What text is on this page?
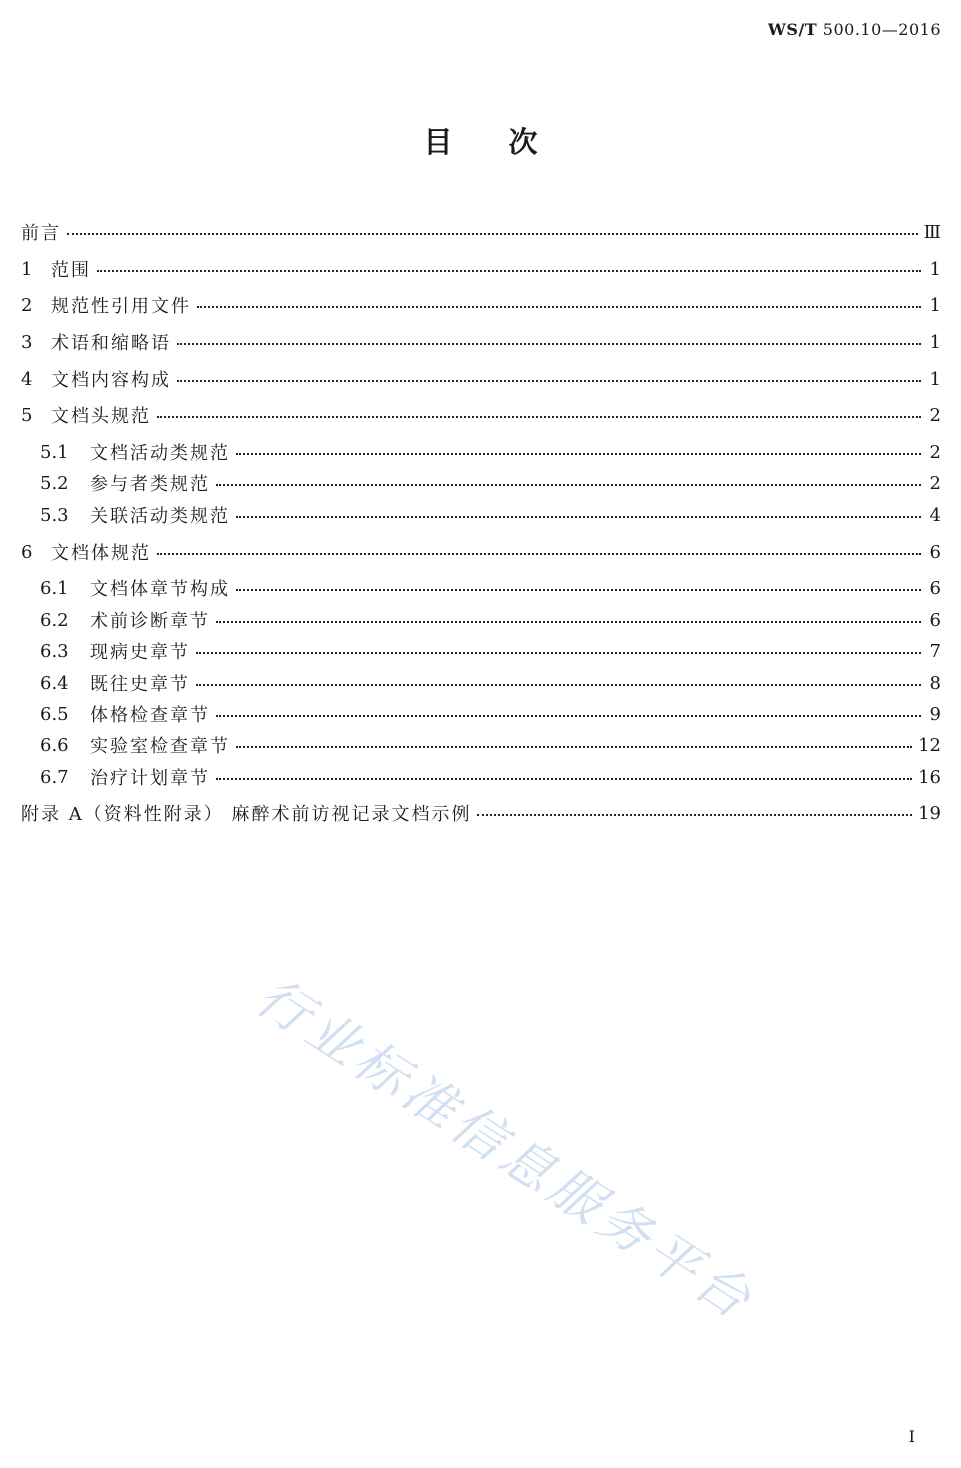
WS/T 500.10—2016
目次
前言	Ⅲ
1	范围	1
2	规范性引用文件	1
3	术语和缩略语	1
4	文档内容构成	1
5	文档头规范	2
5.1	文档活动类规范	2
5.2	参与者类规范	2
5.3	关联活动类规范	4
6	文档体规范	6
6.1	文档体章节构成	6
6.2	术前诊断章节	6
6.3	现病史章节	7
6.4	既往史章节	8
6.5	体格检查章节	9
6.6	实验室检查章节	12
6.7	治疗计划章节	16
附录 A（资料性附录） 麻醉术前访视记录文档示例	19
行业标准信息服务平台
I
